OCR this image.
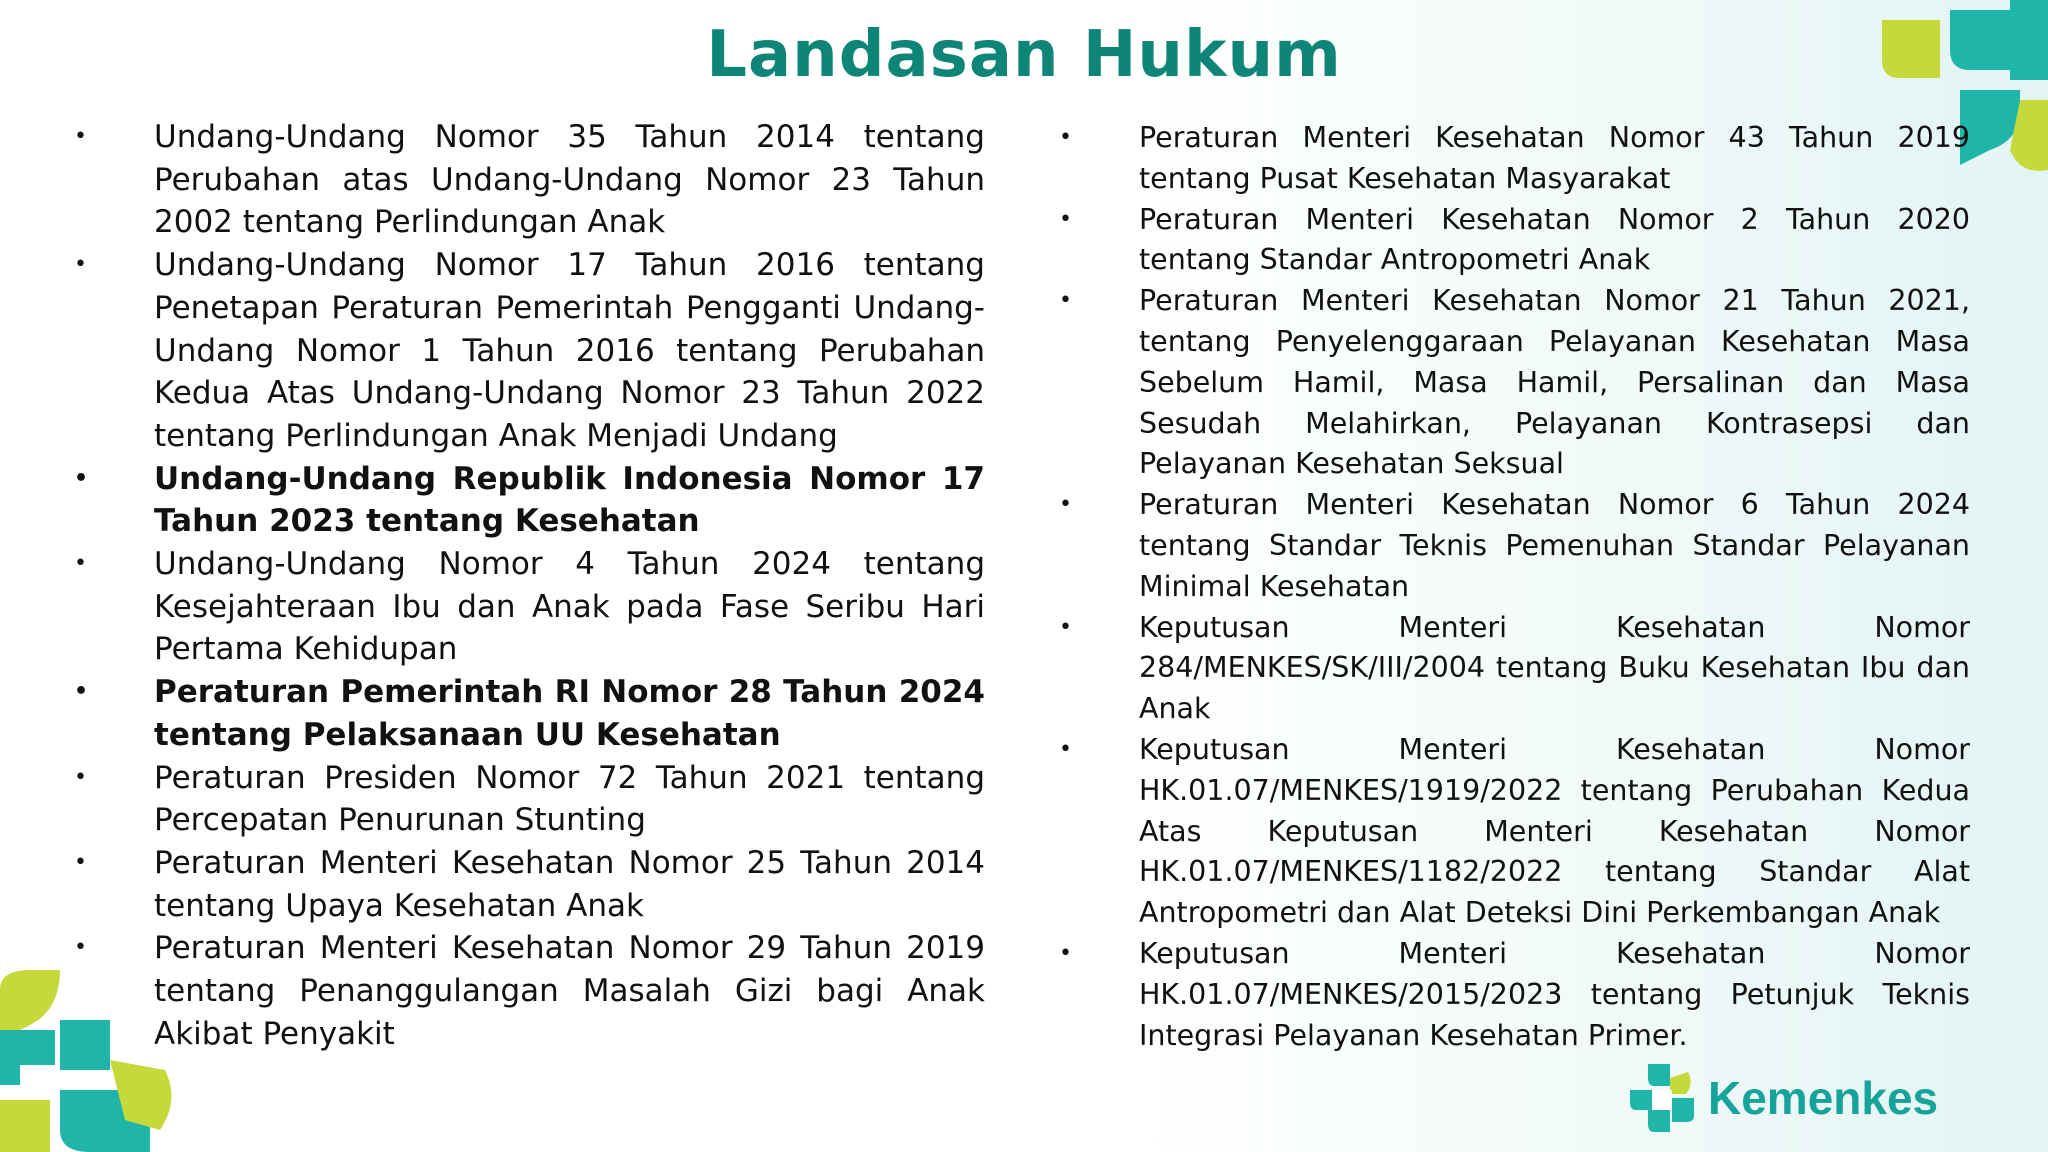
Landasan Hukum
• Undang-Undang Nomor 35 Tahun 2014 tentang Perubahan atas Undang-Undang Nomor 23 Tahun 2002 tentang Perlindungan Anak
• Undang-Undang Nomor 17 Tahun 2016 tentang Penetapan Peraturan Pemerintah Pengganti Undang-Undang Nomor 1 Tahun 2016 tentang Perubahan Kedua Atas Undang-Undang Nomor 23 Tahun 2022 tentang Perlindungan Anak Menjadi Undang
• Undang-Undang Republik Indonesia Nomor 17 Tahun 2023 tentang Kesehatan
• Undang-Undang Nomor 4 Tahun 2024 tentang Kesejahteraan Ibu dan Anak pada Fase Seribu Hari Pertama Kehidupan
• Peraturan Pemerintah RI Nomor 28 Tahun 2024 tentang Pelaksanaan UU Kesehatan
• Peraturan Presiden Nomor 72 Tahun 2021 tentang Percepatan Penurunan Stunting
• Peraturan Menteri Kesehatan Nomor 25 Tahun 2014 tentang Upaya Kesehatan Anak
• Peraturan Menteri Kesehatan Nomor 29 Tahun 2019 tentang Penanggulangan Masalah Gizi bagi Anak Akibat Penyakit
• Peraturan Menteri Kesehatan Nomor 43 Tahun 2019 tentang Pusat Kesehatan Masyarakat
• Peraturan Menteri Kesehatan Nomor 2 Tahun 2020 tentang Standar Antropometri Anak
• Peraturan Menteri Kesehatan Nomor 21 Tahun 2021, tentang Penyelenggaraan Pelayanan Kesehatan Masa Sebelum Hamil, Masa Hamil, Persalinan dan Masa Sesudah Melahirkan, Pelayanan Kontrasepsi dan Pelayanan Kesehatan Seksual
• Peraturan Menteri Kesehatan Nomor 6 Tahun 2024 tentang Standar Teknis Pemenuhan Standar Pelayanan Minimal Kesehatan
• Keputusan Menteri Kesehatan Nomor 284/MENKES/SK/III/2004 tentang Buku Kesehatan Ibu dan Anak
• Keputusan Menteri Kesehatan Nomor HK.01.07/MENKES/1919/2022 tentang Perubahan Kedua Atas Keputusan Menteri Kesehatan Nomor HK.01.07/MENKES/1182/2022 tentang Standar Alat Antropometri dan Alat Deteksi Dini Perkembangan Anak
• Keputusan Menteri Kesehatan Nomor HK.01.07/MENKES/2015/2023 tentang Petunjuk Teknis Integrasi Pelayanan Kesehatan Primer.
Kemenkes
